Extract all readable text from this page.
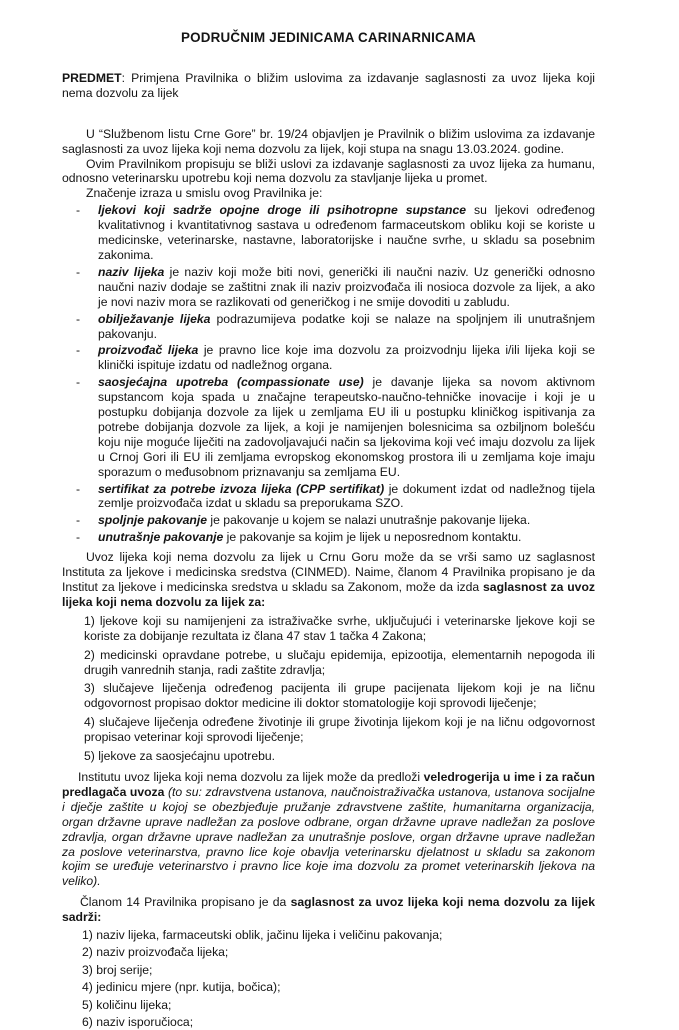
PODRUČNIM JEDINICAMA CARINARNICAMA

PREDMET: Primjena Pravilnika o bližim uslovima za izdavanje saglasnosti za uvoz lijeka koji nema dozvolu za lijek

U “Službenom listu Crne Gore” br. 19/24 objavljen je Pravilnik o bližim uslovima za izdavanje saglasnosti za uvoz lijeka koji nema dozvolu za lijek, koji stupa na snagu 13.03.2024. godine.

Ovim Pravilnikom propisuju se bliži uslovi za izdavanje saglasnosti za uvoz lijeka za humanu, odnosno veterinarsku upotrebu koji nema dozvolu za stavljanje lijeka u promet.

Značenje izraza u smislu ovog Pravilnika je:

- ljekovi koji sadrže opojne droge ili psihotropne supstance su ljekovi određenog kvalitativnog i kvantitativnog sastava u određenom farmaceutskom obliku koji se koriste u medicinske, veterinarske, nastavne, laboratorijske i naučne svrhe, u skladu sa posebnim zakonima.
- naziv lijeka je naziv koji može biti novi, generički ili naučni naziv. Uz generički odnosno naučni naziv dodaje se zaštitni znak ili naziv proizvođača ili nosioca dozvole za lijek, a ako je novi naziv mora se razlikovati od generičkog i ne smije dovoditi u zabludu.
- obilježavanje lijeka podrazumijeva podatke koji se nalaze na spoljnjem ili unutrašnjem pakovanju.
- proizvođač lijeka je pravno lice koje ima dozvolu za proizvodnju lijeka i/ili lijeka koji se klinički ispituje izdatu od nadležnog organa.
- saosjećajna upotreba (compassionate use) je davanje lijeka sa novom aktivnom supstancom koja spada u značajne terapeutsko-naučno-tehničke inovacije i koji je u postupku dobijanja dozvole za lijek u zemljama EU ili u postupku kliničkog ispitivanja za potrebe dobijanja dozvole za lijek, a koji je namijenjen bolesnicima sa ozbiljnom bolešću koju nije moguće liječiti na zadovoljavajući način sa ljekovima koji već imaju dozvolu za lijek u Crnoj Gori ili EU ili zemljama evropskog ekonomskog prostora ili u zemljama koje imaju sporazum o međusobnom priznavanju sa zemljama EU.
- sertifikat za potrebe izvoza lijeka (CPP sertifikat) je dokument izdat od nadležnog tijela zemlje proizvođača izdat u skladu sa preporukama SZO.
- spoljnje pakovanje je pakovanje u kojem se nalazi unutrašnje pakovanje lijeka.
- unutrašnje pakovanje je pakovanje sa kojim je lijek u neposrednom kontaktu.

Uvoz lijeka koji nema dozvolu za lijek u Crnu Goru može da se vrši samo uz saglasnost Instituta za ljekove i medicinska sredstva (CINMED). Naime, članom 4 Pravilnika propisano je da Institut za ljekove i medicinska sredstva u skladu sa Zakonom, može da izda saglasnost za uvoz lijeka koji nema dozvolu za lijek za:

1) ljekove koji su namijenjeni za istraživačke svrhe, uključujući i veterinarske ljekove koji se koriste za dobijanje rezultata iz člana 47 stav 1 tačka 4 Zakona;
2) medicinski opravdane potrebe, u slučaju epidemija, epizootija, elementarnih nepogoda ili drugih vanrednih stanja, radi zaštite zdravlja;
3) slučajeve liječenja određenog pacijenta ili grupe pacijenata lijekom koji je na ličnu odgovornost propisao doktor medicine ili doktor stomatologije koji sprovodi liječenje;
4) slučajeve liječenja određene životinje ili grupe životinja lijekom koji je na ličnu odgovornost propisao veterinar koji sprovodi liječenje;
5) ljekove za saosjećajnu upotrebu.

Institutu uvoz lijeka koji nema dozvolu za lijek može da predloži veledrogerija u ime i za račun predlagača uvoza (to su: zdravstvena ustanova, naučnoistraživačka ustanova, ustanova socijalne i dječje zaštite u kojoj se obezbjeđuje pružanje zdravstvene zaštite, humanitarna organizacija, organ državne uprave nadležan za poslove odbrane, organ državne uprave nadležan za poslove zdravlja, organ državne uprave nadležan za unutrašnje poslove, organ državne uprave nadležan za poslove veterinarstva, pravno lice koje obavlja veterinarsku djelatnost u skladu sa zakonom kojim se uređuje veterinarstvo i pravno lice koje ima dozvolu za promet veterinarskih ljekova na veliko).

Članom 14 Pravilnika propisano je da saglasnost za uvoz lijeka koji nema dozvolu za lijek sadrži:

1) naziv lijeka, farmaceutski oblik, jačinu lijeka i veličinu pakovanja;
2) naziv proizvođača lijeka;
3) broj serije;
4) jedinicu mjere (npr. kutija, bočica);
5) količinu lijeka;
6) naziv isporučioca;
